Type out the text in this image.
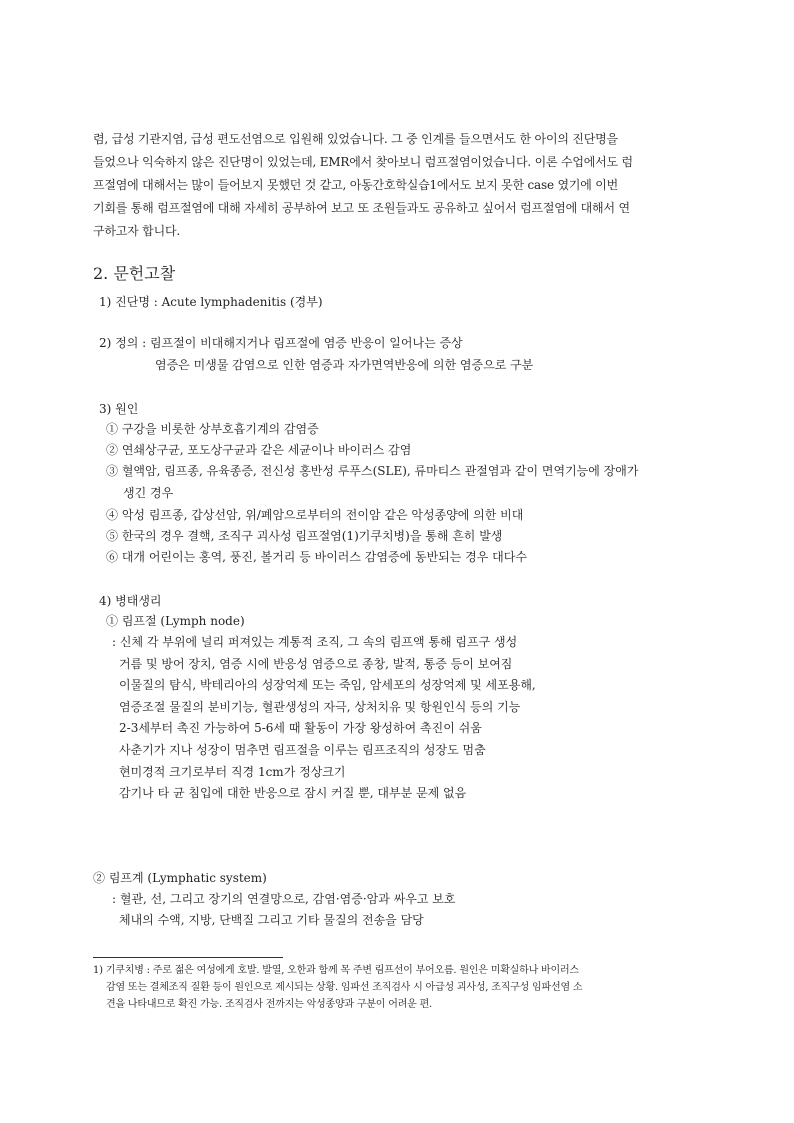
렴, 급성 기관지염, 급성 편도선염으로 입원해 있었습니다. 그 중 인계를 들으면서도 한 아이의 진단명을
들었으나 익숙하지 않은 진단명이 있었는데, EMR에서 찾아보니 럼프절염이었습니다. 이론 수업에서도 럼
프절염에 대해서는 많이 들어보지 못했던 것 같고, 아동간호학실습1에서도 보지 못한 case 였기에 이번
기회를 통해 럼프절염에 대해 자세히 공부하여 보고 또 조원들과도 공유하고 싶어서 럼프절염에 대해서 연
구하고자 합니다.
2. 문헌고찰
1) 진단명 : Acute lymphadenitis (경부)
2) 정의 : 림프절이 비대해지거나 림프절에 염증 반응이 일어나는 증상
염증은 미생물 감염으로 인한 염증과 자가면역반응에 의한 염증으로 구분
3) 원인
① 구강을 비롯한 상부호흡기계의 감염증
② 연쇄상구균, 포도상구균과 같은 세균이나 바이러스 감염
③ 혈액암, 림프종, 유육종증, 전신성 홍반성 루푸스(SLE), 류마티스 관절염과 같이 면역기능에 장애가
생긴 경우
④ 악성 림프종, 갑상선암, 위/폐암으로부터의 전이암 같은 악성종양에 의한 비대
⑤ 한국의 경우 결핵, 조직구 괴사성 림프절염(1)기쿠치병)을 통해 흔히 발생
⑥ 대개 어린이는 홍역, 풍진, 볼거리 등 바이러스 감염증에 동반되는 경우 대다수
4) 병태생리
① 림프절 (Lymph node)
: 신체 각 부위에 널리 퍼져있는 계통적 조직, 그 속의 림프액 통해 림프구 생성
거름 및 방어 장치, 염증 시에 반응성 염증으로 종창, 발적, 통증 등이 보여짐
이물질의 탐식, 박테리아의 성장억제 또는 죽임, 암세포의 성장억제 및 세포용해,
염증조절 물질의 분비기능, 혈관생성의 자극, 상처치유 및 항원인식 등의 기능
2-3세부터 촉진 가능하여 5-6세 때 활동이 가장 왕성하여 촉진이 쉬움
사춘기가 지나 성장이 멈추면 림프절을 이루는 림프조직의 성장도 멈춤
현미경적 크기로부터 직경 1cm가 정상크기
감기나 타 균 침입에 대한 반응으로 잠시 커질 뿐, 대부분 문제 없음
② 림프계 (Lymphatic system)
: 혈관, 선, 그리고 장기의 연결망으로, 감염·염증·암과 싸우고 보호
체내의 수액, 지방, 단백질 그리고 기타 물질의 전송을 담당
1) 기쿠치병 : 주로 젊은 여성에게 호발. 발열, 오한과 함께 목 주변 림프선이 부어오름. 원인은 미확실하나 바이러스
감염 또는 결체조직 질환 등이 원인으로 제시되는 상황. 임파선 조직검사 시 아급성 괴사성, 조직구성 임파선염 소
견을 나타내므로 확진 가능. 조직검사 전까지는 악성종양과 구분이 어려운 편.
